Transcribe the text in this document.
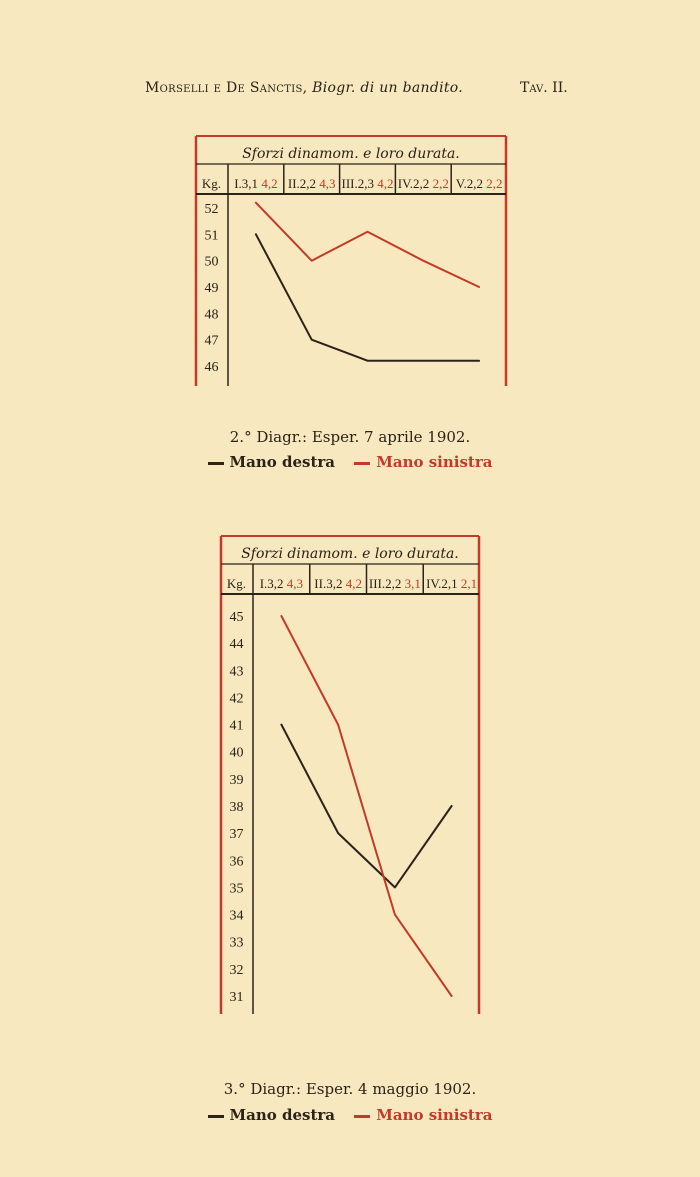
Morselli e De Sanctis, Biogr. di un bandito.	Tav. II.
Sforzi dinamom. e loro durata.
Kg. I.3,1 4,2 II.2,2 4,3 III.2,3 4,2 IV.2,2 2,2 V.2,2 2,2
52
51
50
49
48
47
46
2.° Diagr.: Esper. 7 aprile 1902.
Mano destra	Mano sinistra
Sforzi dinamom. e loro durata.
Kg. I.3,2 4,3 II.3,2 4,2 III.2,2 3,1 IV.2,1 2,1
45
44
43
42
41
40
39
38
37
36
35
34
33
32
31
3.° Diagr.: Esper. 4 maggio 1902.
Mano destra	Mano sinistra
